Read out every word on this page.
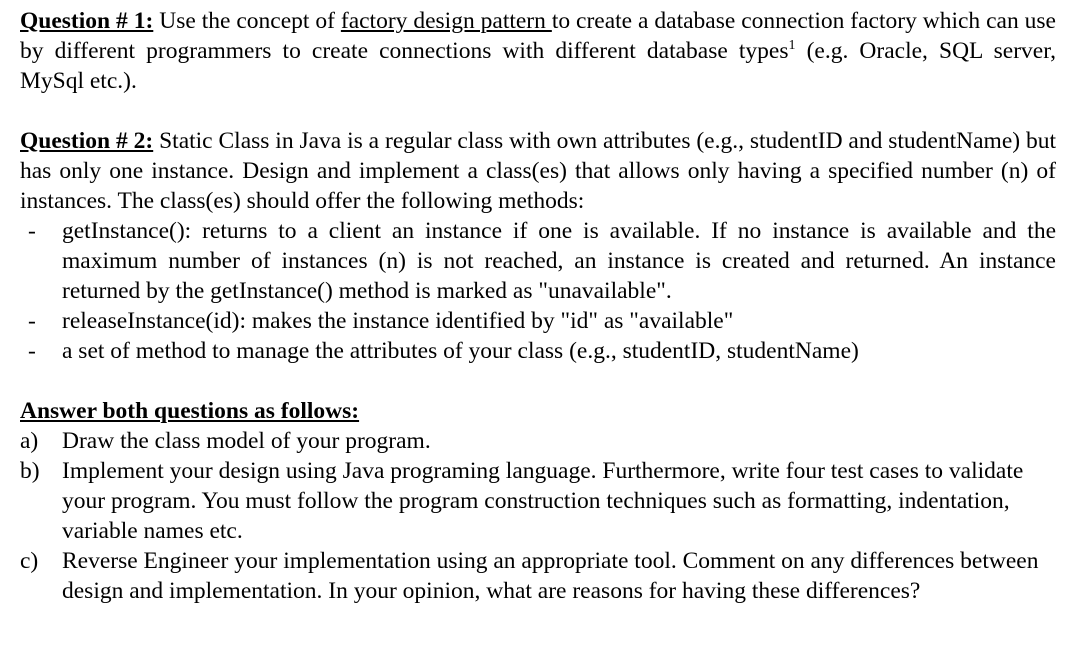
Question # 1: Use the concept of factory design pattern to create a database connection factory which can use by different programmers to create connections with different database types$^1$ (e.g. Oracle, SQL server, MySql etc.).

Question # 2: Static Class in Java is a regular class with own attributes (e.g., studentID and studentName) but has only one instance. Design and implement a class(es) that allows only having a specified number (n) of instances. The class(es) should offer the following methods:

- getInstance(): returns to a client an instance if one is available. If no instance is available and the maximum number of instances (n) is not reached, an instance is created and returned. An instance returned by the getInstance() method is marked as "unavailable".
- releaseInstance(id): makes the instance identified by "id" as "available"
- a set of method to manage the attributes of your class (e.g., studentID, studentName)

Answer both questions as follows:

a) Draw the class model of your program.
b) Implement your design using Java programing language. Furthermore, write four test cases to validate your program. You must follow the program construction techniques such as formatting, indentation, variable names etc.
c) Reverse Engineer your implementation using an appropriate tool. Comment on any differences between design and implementation. In your opinion, what are reasons for having these differences?
